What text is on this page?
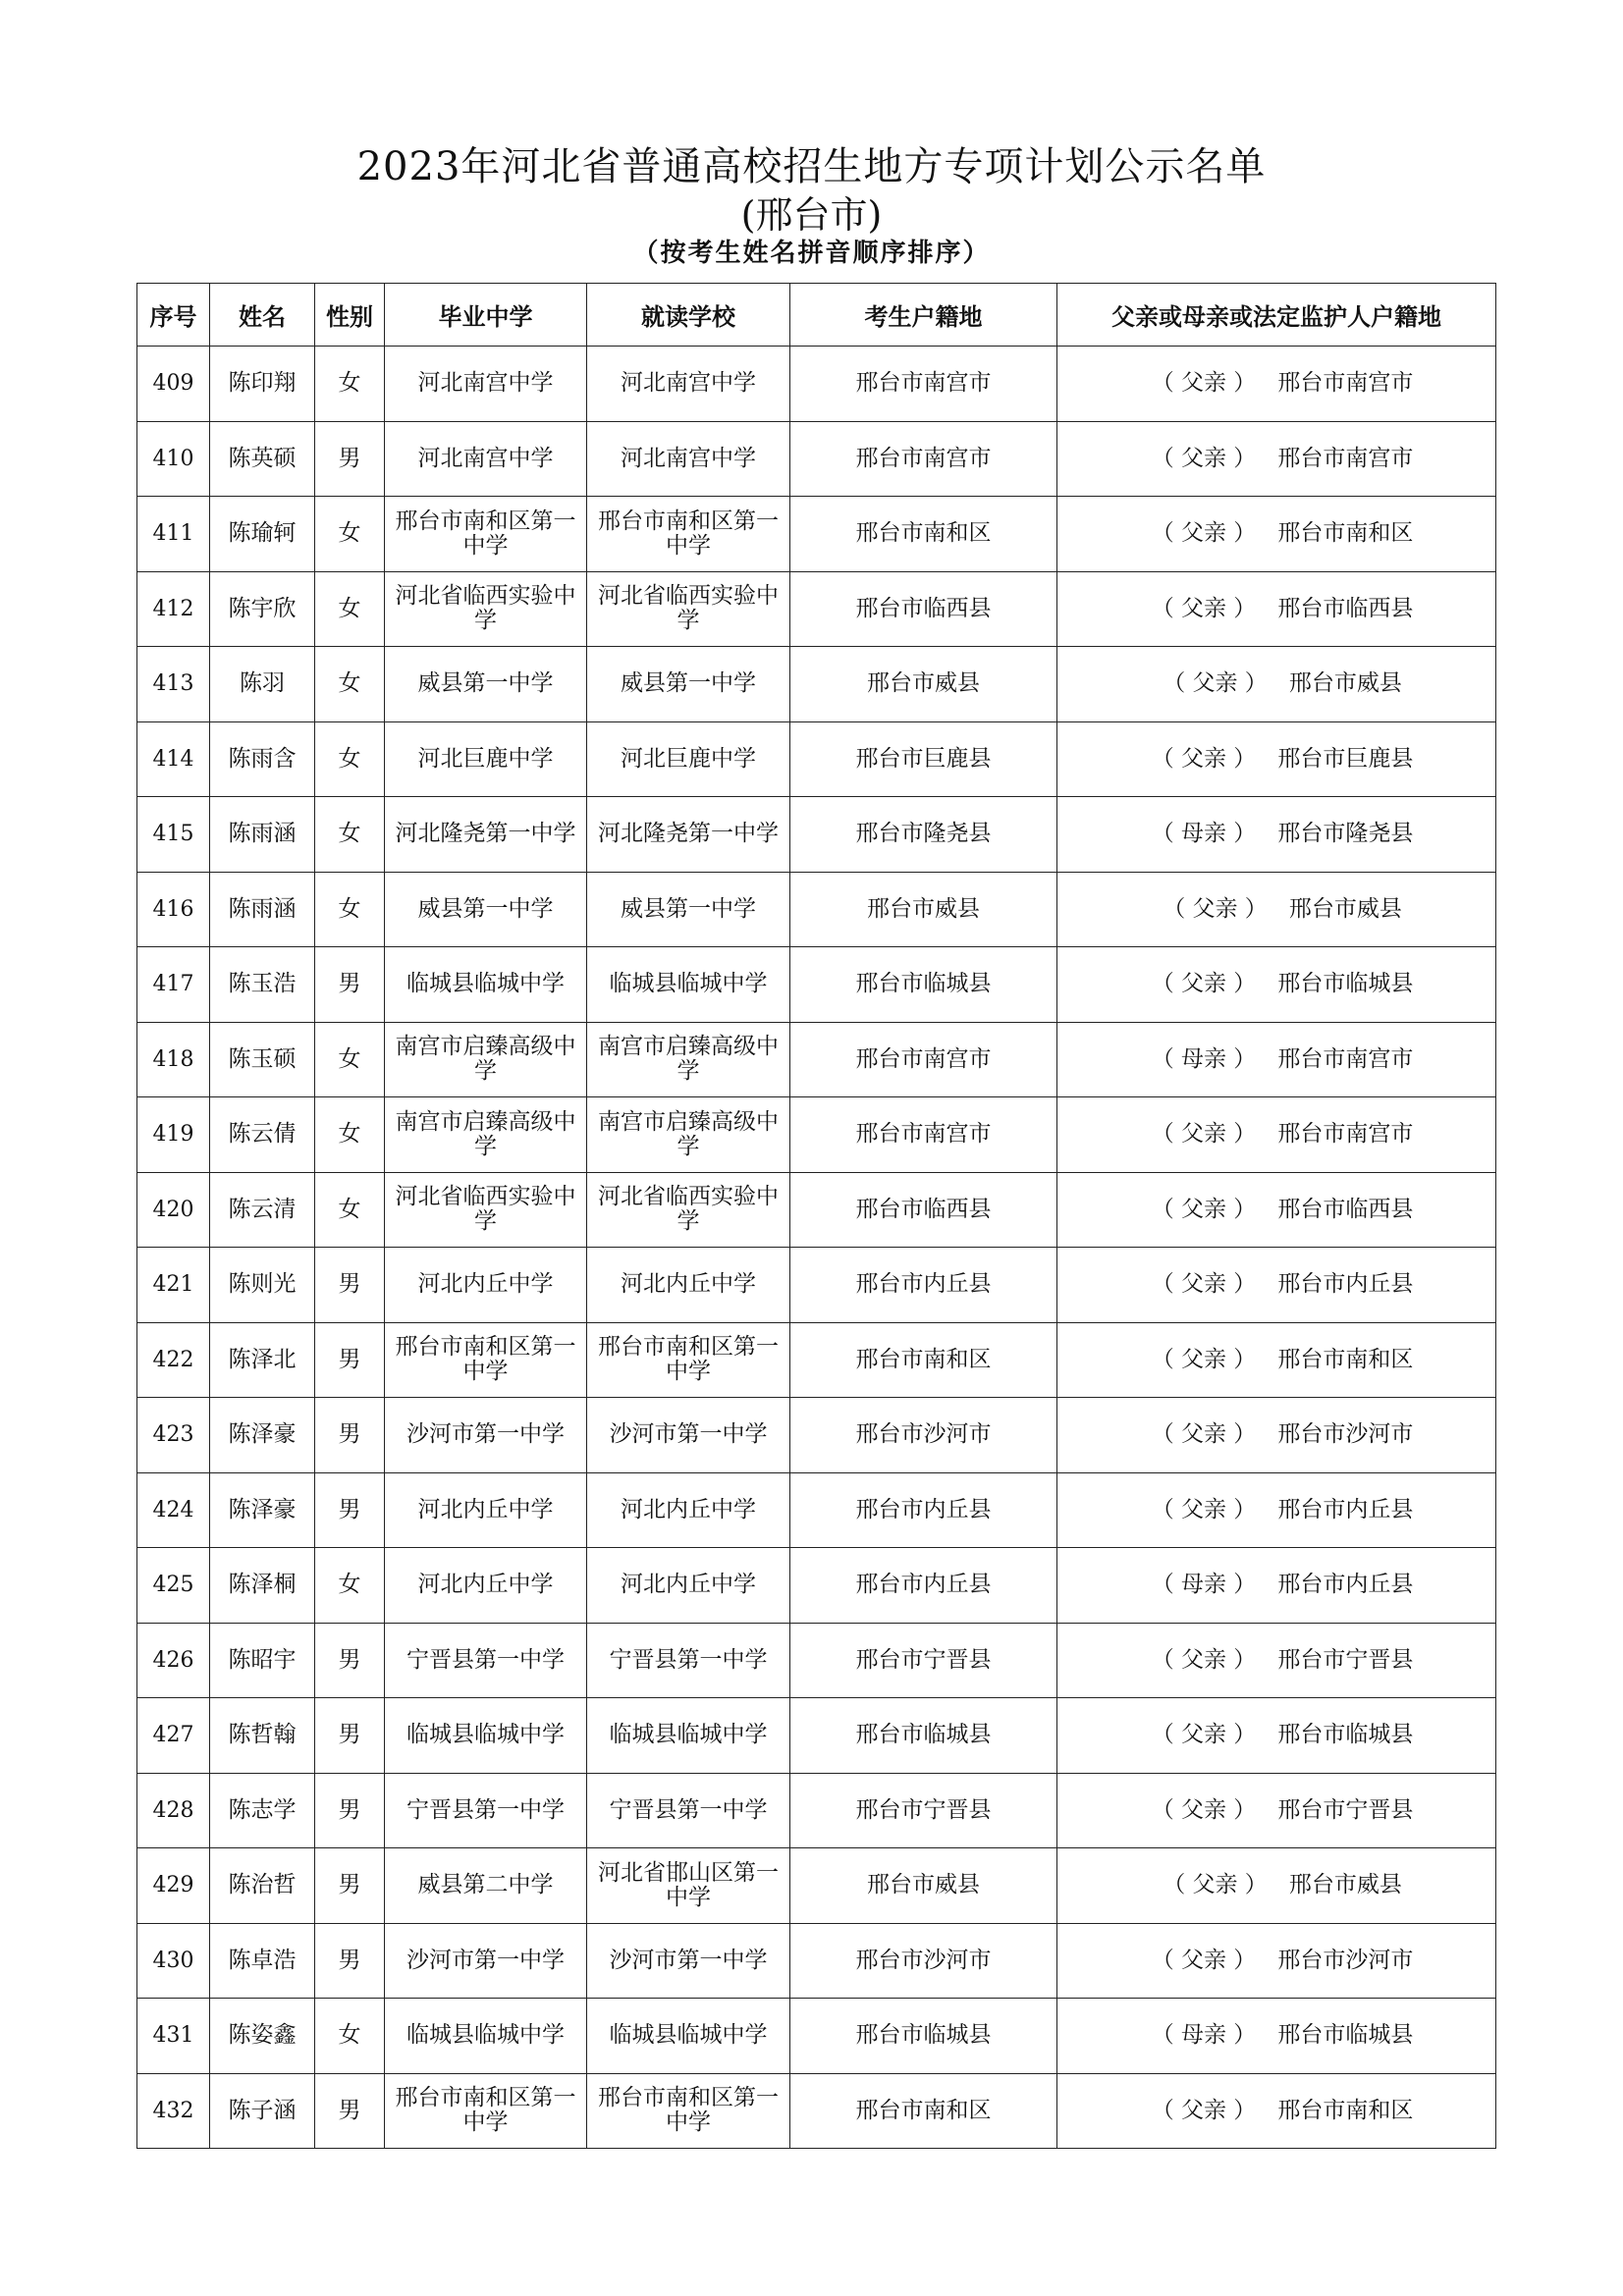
2023年河北省普通高校招生地方专项计划公示名单
(邢台市)
（按考生姓名拼音顺序排序）
序号	姓名	性别	毕业中学	就读学校	考生户籍地	父亲或母亲或法定监护人户籍地
409	陈印翔	女	河北南宫中学	河北南宫中学	邢台市南宫市	（ 父亲 ） 邢台市南宫市
410	陈英硕	男	河北南宫中学	河北南宫中学	邢台市南宫市	（ 父亲 ） 邢台市南宫市
411	陈瑜轲	女	邢台市南和区第一中学	邢台市南和区第一中学	邢台市南和区	（ 父亲 ） 邢台市南和区
412	陈宇欣	女	河北省临西实验中学	河北省临西实验中学	邢台市临西县	（ 父亲 ） 邢台市临西县
413	陈羽	女	威县第一中学	威县第一中学	邢台市威县	（ 父亲 ） 邢台市威县
414	陈雨含	女	河北巨鹿中学	河北巨鹿中学	邢台市巨鹿县	（ 父亲 ） 邢台市巨鹿县
415	陈雨涵	女	河北隆尧第一中学	河北隆尧第一中学	邢台市隆尧县	（ 母亲 ） 邢台市隆尧县
416	陈雨涵	女	威县第一中学	威县第一中学	邢台市威县	（ 父亲 ） 邢台市威县
417	陈玉浩	男	临城县临城中学	临城县临城中学	邢台市临城县	（ 父亲 ） 邢台市临城县
418	陈玉硕	女	南宫市启臻高级中学	南宫市启臻高级中学	邢台市南宫市	（ 母亲 ） 邢台市南宫市
419	陈云倩	女	南宫市启臻高级中学	南宫市启臻高级中学	邢台市南宫市	（ 父亲 ） 邢台市南宫市
420	陈云清	女	河北省临西实验中学	河北省临西实验中学	邢台市临西县	（ 父亲 ） 邢台市临西县
421	陈则光	男	河北内丘中学	河北内丘中学	邢台市内丘县	（ 父亲 ） 邢台市内丘县
422	陈泽北	男	邢台市南和区第一中学	邢台市南和区第一中学	邢台市南和区	（ 父亲 ） 邢台市南和区
423	陈泽豪	男	沙河市第一中学	沙河市第一中学	邢台市沙河市	（ 父亲 ） 邢台市沙河市
424	陈泽豪	男	河北内丘中学	河北内丘中学	邢台市内丘县	（ 父亲 ） 邢台市内丘县
425	陈泽桐	女	河北内丘中学	河北内丘中学	邢台市内丘县	（ 母亲 ） 邢台市内丘县
426	陈昭宇	男	宁晋县第一中学	宁晋县第一中学	邢台市宁晋县	（ 父亲 ） 邢台市宁晋县
427	陈哲翰	男	临城县临城中学	临城县临城中学	邢台市临城县	（ 父亲 ） 邢台市临城县
428	陈志学	男	宁晋县第一中学	宁晋县第一中学	邢台市宁晋县	（ 父亲 ） 邢台市宁晋县
429	陈治哲	男	威县第二中学	河北省邯山区第一中学	邢台市威县	（ 父亲 ） 邢台市威县
430	陈卓浩	男	沙河市第一中学	沙河市第一中学	邢台市沙河市	（ 父亲 ） 邢台市沙河市
431	陈姿鑫	女	临城县临城中学	临城县临城中学	邢台市临城县	（ 母亲 ） 邢台市临城县
432	陈子涵	男	邢台市南和区第一中学	邢台市南和区第一中学	邢台市南和区	（ 父亲 ） 邢台市南和区
